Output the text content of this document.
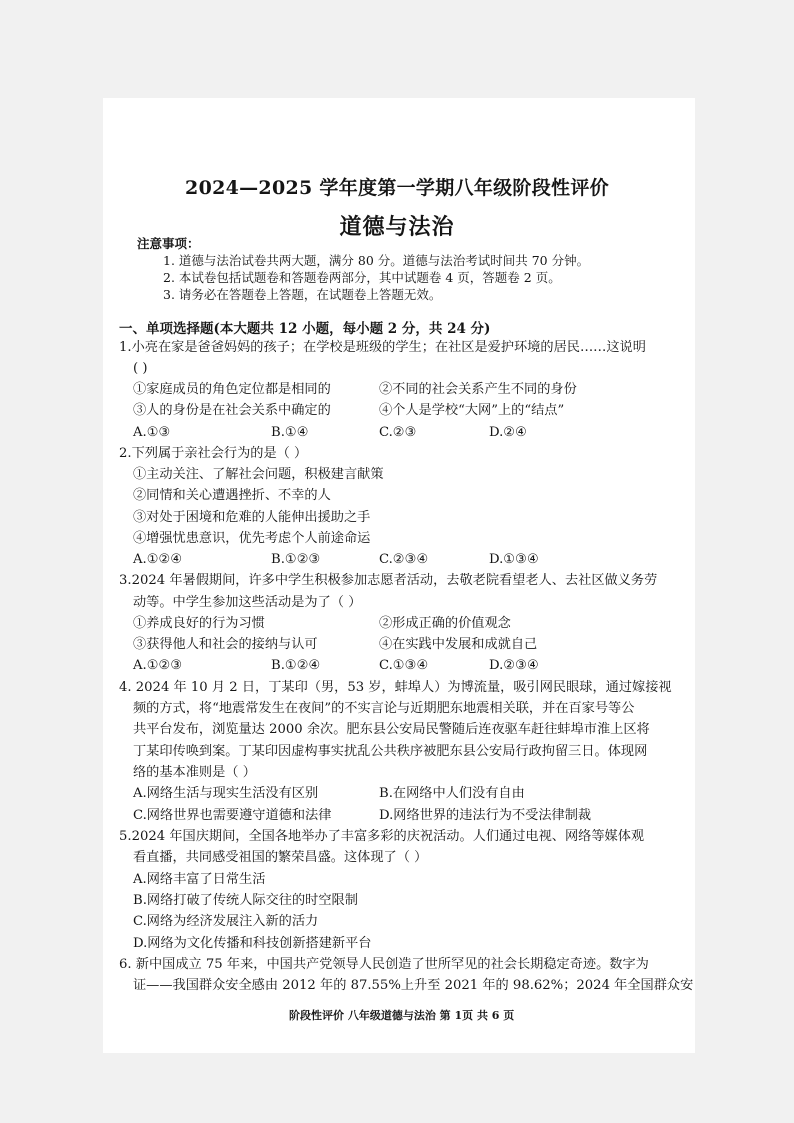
2024—2025 学年度第一学期八年级阶段性评价
道德与法治
注意事项：
1. 道德与法治试卷共两大题，满分 80 分。道德与法治考试时间共 70 分钟。
2. 本试卷包括试题卷和答题卷两部分，其中试题卷 4 页，答题卷 2 页。
3. 请务必在答题卷上答题，在试题卷上答题无效。
一、单项选择题(本大题共 12 小题，每小题 2 分，共 24 分)
1.小亮在家是爸爸妈妈的孩子；在学校是班级的学生；在社区是爱护环境的居民……这说明
( )
①家庭成员的角色定位都是相同的	②不同的社会关系产生不同的身份
③人的身份是在社会关系中确定的	④个人是学校“大网”上的“结点”
A.①③	B.①④	C.②③	D.②④
2.下列属于亲社会行为的是（ ）
①主动关注、了解社会问题，积极建言献策
②同情和关心遭遇挫折、不幸的人
③对处于困境和危难的人能伸出援助之手
④增强忧患意识，优先考虑个人前途命运
A.①②④	B.①②③	C.②③④	D.①③④
3.2024 年暑假期间，许多中学生积极参加志愿者活动，去敬老院看望老人、去社区做义务劳
动等。中学生参加这些活动是为了（ ）
①养成良好的行为习惯	②形成正确的价值观念
③获得他人和社会的接纳与认可	④在实践中发展和成就自己
A.①②③	B.①②④	C.①③④	D.②③④
4. 2024 年 10 月 2 日，丁某印（男，53 岁，蚌埠人）为博流量，吸引网民眼球，通过嫁接视
频的方式，将“地震常发生在夜间”的不实言论与近期肥东地震相关联，并在百家号等公
共平台发布，浏览量达 2000 余次。肥东县公安局民警随后连夜驱车赶往蚌埠市淮上区将
丁某印传唤到案。丁某印因虚构事实扰乱公共秩序被肥东县公安局行政拘留三日。体现网
络的基本准则是（ ）
A.网络生活与现实生活没有区别	B.在网络中人们没有自由
C.网络世界也需要遵守道德和法律	D.网络世界的违法行为不受法律制裁
5.2024 年国庆期间，全国各地举办了丰富多彩的庆祝活动。人们通过电视、网络等媒体观
看直播，共同感受祖国的繁荣昌盛。这体现了（ ）
A.网络丰富了日常生活
B.网络打破了传统人际交往的时空限制
C.网络为经济发展注入新的活力
D.网络为文化传播和科技创新搭建新平台
6. 新中国成立 75 年来，中国共产党领导人民创造了世所罕见的社会长期稳定奇迹。数字为
证——我国群众安全感由 2012 年的 87.55%上升至 2021 年的 98.62%；2024 年全国群众安
阶段性评价 八年级道德与法治 第 1页 共 6 页
